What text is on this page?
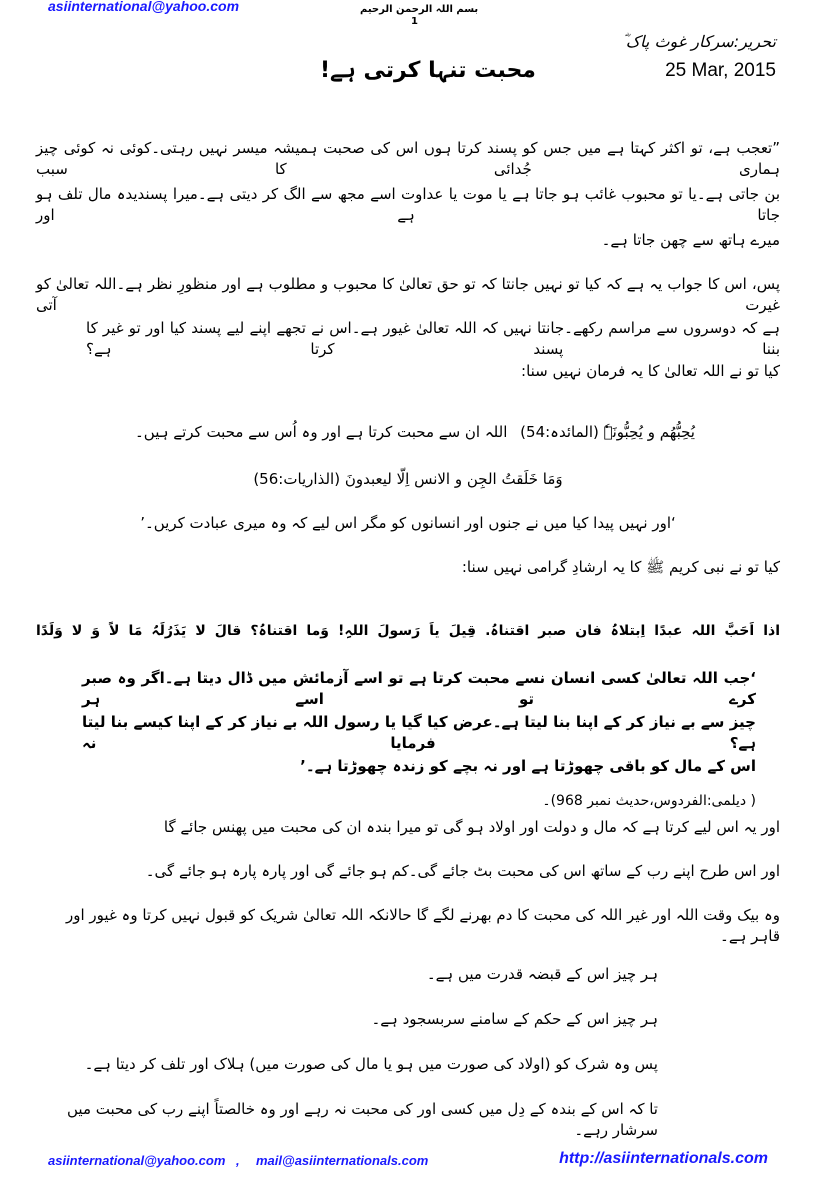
asiinternational@yahoo.com	بسم اللہ الرحمن الرحیم
1
تحریر:سرکار غوث پاک ؓ
25 Mar, 2015
محبت تنہا کرتی ہے!
”تعجب ہے، تو اکثر کہتا ہے میں جس کو پسند کرتا ہوں اس کی صحبت ہمیشہ میسر نہیں رہتی۔کوئی نہ کوئی چیز ہماری جُدائی کا سبب
بن جاتی ہے۔یا تو محبوب غائب ہو جاتا ہے یا موت یا عداوت اسے مجھ سے الگ کر دیتی ہے۔میرا پسندیدہ مال تلف ہو جاتا ہے اور
میرے ہاتھ سے چھن جاتا ہے۔
پس، اس کا جواب یہ ہے کہ کیا تو نہیں جانتا کہ تو حق تعالیٰ کا محبوب و مطلوب ہے اور منظورِ نظر ہے۔اللہ تعالیٰ کو غیرت آتی
ہے کہ دوسروں سے مراسم رکھے۔جانتا نہیں کہ اللہ تعالیٰ غیور ہے۔اس نے تجھے اپنے لیے پسند کیا اور تو غیر کا بننا پسند کرتا ہے؟
کیا تو نے اللہ تعالیٰ کا یہ فرمان نہیں سنا:
یُحِبُّھُم و یُحِبُّونَہٗ (المائدہ:54)
اللہ ان سے محبت کرتا ہے اور وہ اُس سے محبت کرتے ہیں۔
وَمَا خَلَقتُ الجِن و الانس اِلّا لیعبدونَ (الذاریات:56)
‘اور نہیں پیدا کیا میں نے جنوں اور انسانوں کو مگر اس لیے کہ وہ میری عبادت کریں۔’
کیا تو نے نبی کریم ﷺ کا یہ ارشادِ گرامی نہیں سنا:
اذا اَحَبَّ اللہ عبدًا اِبتلاہُ فان صبر اقتناہُ. قِیلَ یاَ رَسولَ اللہِ! وَما اقتناہُ؟ قالَ لا یَذَرُلَہُ مَا لاً وَ لا وَلَدًا
‘جب اللہ تعالیٰ کسی انسان نسے محبت کرتا ہے تو اسے آزمائش میں ڈال دیتا ہے۔اگر وہ صبر کرے تو اسے ہر
چیز سے بے نیاز کر کے اپنا بنا لیتا ہے۔عرض کیا گیا یا رسول اللہ بے نیاز کر کے اپنا کیسے بنا لیتا ہے؟ فرمایا نہ
اس کے مال کو باقی چھوڑتا ہے اور نہ بچے کو زندہ چھوڑتا ہے۔’
( دیلمی:الفردوس،حدیث نمبر 968)۔
اور یہ اس لیے کرتا ہے کہ مال و دولت اور اولاد ہو گی تو میرا بندہ ان کی محبت میں پھنس جائے گا
اور اس طرح اپنے رب کے ساتھ اس کی محبت بٹ جائے گی۔کم ہو جائے گی اور پارہ پارہ ہو جائے گی۔
وہ بیک وقت اللہ اور غیر اللہ کی محبت کا دم بھرنے لگے گا حالانکہ اللہ تعالیٰ شریک کو قبول نہیں کرتا وہ غیور اور قاہر ہے۔
ہر چیز اس کے قبضہ قدرت میں ہے۔
ہر چیز اس کے حکم کے سامنے سربسجود ہے۔
پس وہ شرک کو (اولاد کی صورت میں ہو یا مال کی صورت میں) ہلاک اور تلف کر دیتا ہے۔
تا کہ اس کے بندہ کے دِل میں کسی اور کی محبت نہ رہے اور وہ خالصتاً اپنے رب کی محبت میں سرشار رہے۔
asiinternational@yahoo.com , mail@asiinternationals.com	http://asiinternationals.com
